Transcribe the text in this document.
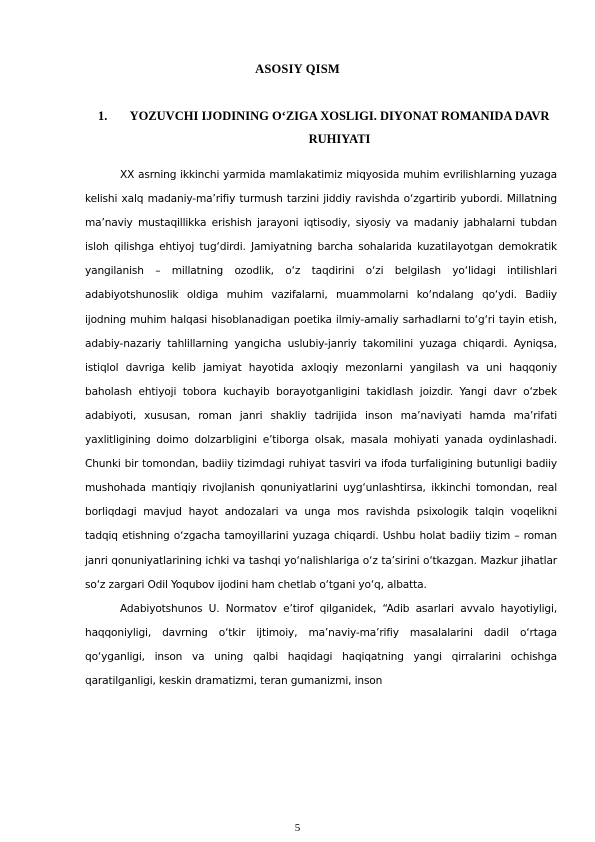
ASOSIY QISM
1.	YOZUVCHI IJODINING O‘ZIGA XOSLIGI. DIYONAT ROMANIDA DAVR RUHIYATI

XX asrning ikkinchi yarmida mamlakatimiz miqyosida muhim evrilishlarning yuzaga kelishi xalq madaniy-ma’rifiy turmush tarzini jiddiy ravishda o‘zgartirib yubordi. Millatning ma’naviy mustaqillikka erishish jarayoni iqtisodiy, siyosiy va madaniy jabhalarni tubdan isloh qilishga ehtiyoj tug‘dirdi. Jamiyatning barcha sohalarida kuzatilayotgan demokratik yangilanish – millatning ozodlik, o‘z taqdirini o‘zi belgilash yo‘lidagi intilishlari adabiyotshunoslik oldiga muhim vazifalarni, muammolarni ko‘ndalang qo‘ydi. Badiiy ijodning muhim halqasi hisoblanadigan poetika ilmiy-amaliy sarhadlarni to‘g‘ri tayin etish, adabiy-nazariy tahlillarning yangicha uslubiy-janriy takomilini yuzaga chiqardi. Ayniqsa, istiqlol davriga kelib jamiyat hayotida axloqiy mezonlarni yangilash va uni haqqoniy baholash ehtiyoji tobora kuchayib borayotganligini takidlash joizdir. Yangi davr o‘zbek adabiyoti, xususan, roman janri shakliy tadrijida inson ma’naviyati hamda ma’rifati yaxlitligining doimo dolzarbligini e’tiborga olsak, masala mohiyati yanada oydinlashadi. Chunki bir tomondan, badiiy tizimdagi ruhiyat tasviri va ifoda turfaligining butunligi badiiy mushohada mantiqiy rivojlanish qonuniyatlarini uyg‘unlashtirsa, ikkinchi tomondan, real borliqdagi mavjud hayot andozalari va unga mos ravishda psixologik talqin voqelikni tadqiq etishning o‘zgacha tamoyillarini yuzaga chiqardi. Ushbu holat badiiy tizim – roman janri qonuniyatlarining ichki va tashqi yo‘nalishlariga o‘z ta’sirini o‘tkazgan. Mazkur jihatlar so‘z zargari Odil Yoqubov ijodini ham chetlab o‘tgani yo‘q, albatta.

Adabiyotshunos U. Normatov e’tirof qilganidek, “Adib asarlari avvalo hayotiyligi, haqqoniyligi, davrning o‘tkir ijtimoiy, ma’naviy-ma’rifiy masalalarini dadil o‘rtaga qo‘yganligi, inson va uning qalbi haqidagi haqiqatning yangi qirralarini ochishga qaratilganligi, keskin dramatizmi, teran gumanizmi, inson

5
